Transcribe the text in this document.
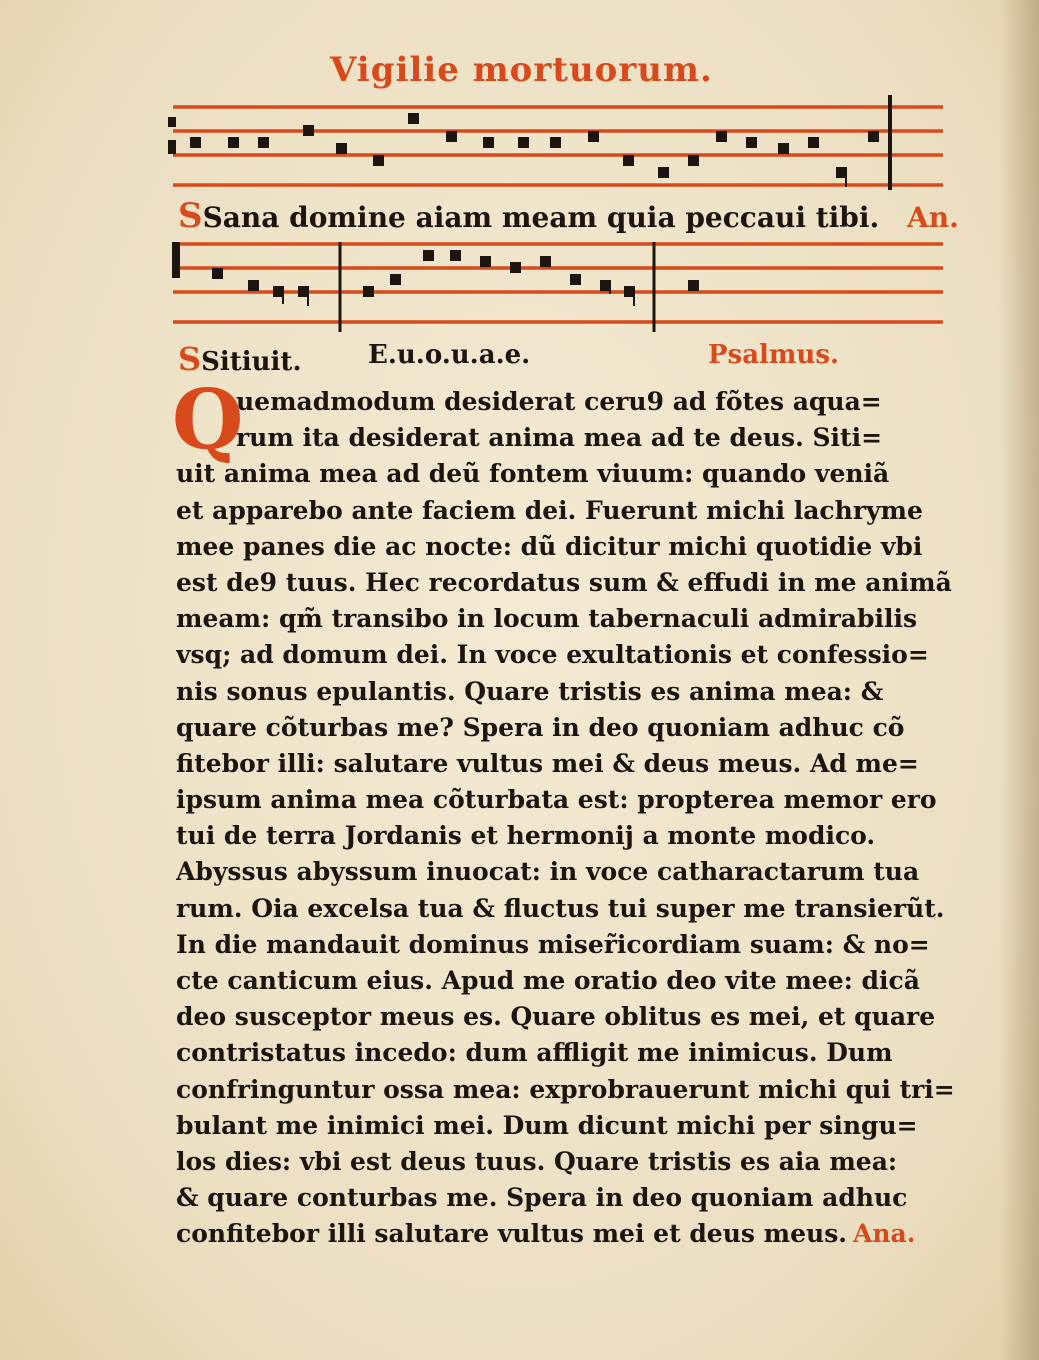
Vigilie mortuorum.
SSana domine aiam meam quia peccaui tibi. An.
SSitiuit.	E.u.o.u.a.e.	Psalmus.
Q
uemadmodum desiderat ceru9 ad fõtes aqua=
rum ita desiderat anima mea ad te deus. Siti=
uit anima mea ad deũ fontem viuum: quando veniã
et apparebo ante faciem dei. Fuerunt michi lachryme
mee panes die ac nocte: dũ dicitur michi quotidie vbi
est de9 tuus. Hec recordatus sum & effudi in me animã
meam: qm̃ transibo in locum tabernaculi admirabilis
vsq; ad domum dei. In voce exultationis et confessio=
nis sonus epulantis. Quare tristis es anima mea: &
quare cõturbas me? Spera in deo quoniam adhuc cõ
fitebor illi: salutare vultus mei & deus meus. Ad me=
ipsum anima mea cõturbata est: propterea memor ero
tui de terra Jordanis et hermonij a monte modico.
Abyssus abyssum inuocat: in voce catharactarum tua
rum. Oia excelsa tua & fluctus tui super me transierũt.
In die mandauit dominus miser̃icordiam suam: & no=
cte canticum eius. Apud me oratio deo vite mee: dicã
deo susceptor meus es. Quare oblitus es mei, et quare
contristatus incedo: dum affligit me inimicus. Dum
confringuntur ossa mea: exprobrauerunt michi qui tri=
bulant me inimici mei. Dum dicunt michi per singu=
los dies: vbi est deus tuus. Quare tristis es aia mea:
& quare conturbas me. Spera in deo quoniam adhuc
confitebor illi salutare vultus mei et deus meus. Ana.
